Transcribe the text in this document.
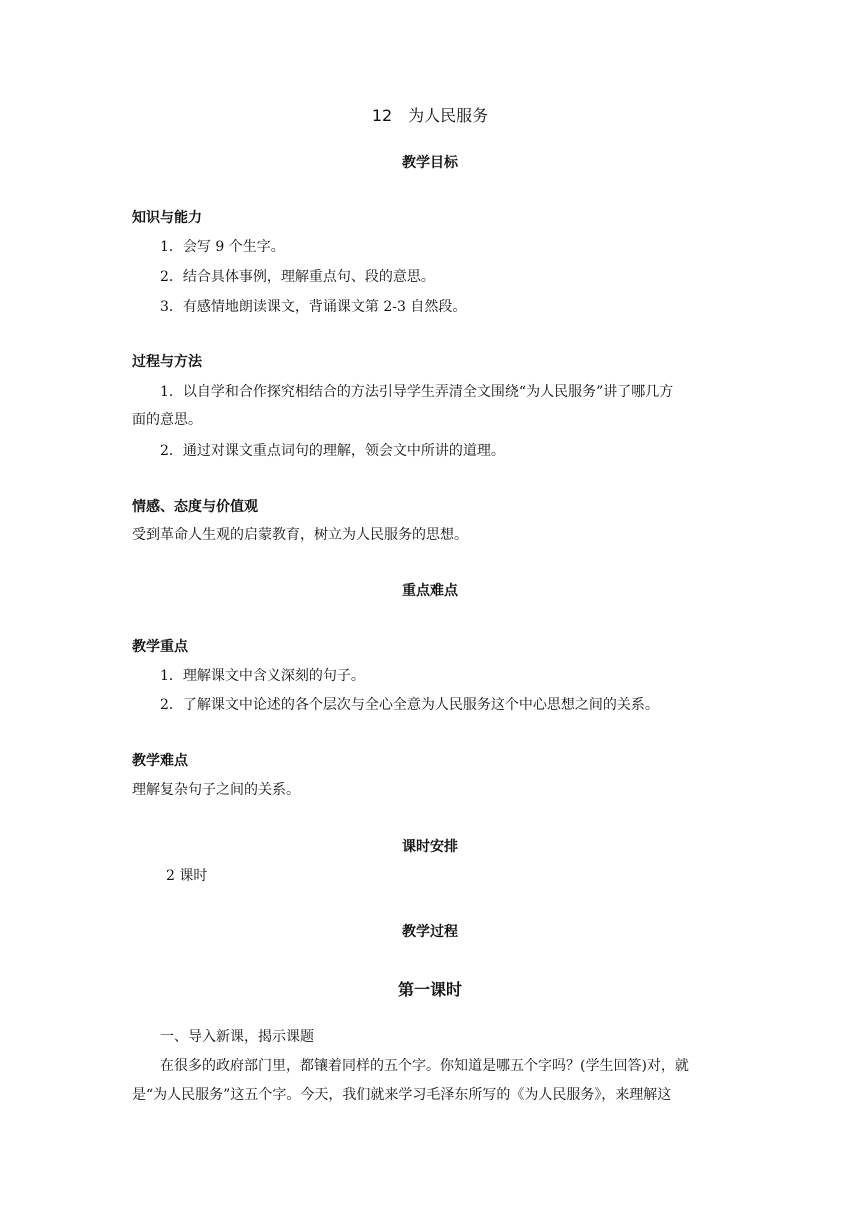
12　为人民服务
教学目标
知识与能力
1．会写 9 个生字。
2．结合具体事例，理解重点句、段的意思。
3．有感情地朗读课文，背诵课文第 2-3 自然段。
过程与方法
1．以自学和合作探究相结合的方法引导学生弄清全文围绕“为人民服务”讲了哪几方
面的意思。
2．通过对课文重点词句的理解，领会文中所讲的道理。
情感、态度与价值观
受到革命人生观的启蒙教育，树立为人民服务的思想。
重点难点
教学重点
1．理解课文中含义深刻的句子。
2．了解课文中论述的各个层次与全心全意为人民服务这个中心思想之间的关系。
教学难点
理解复杂句子之间的关系。
课时安排
2 课时
教学过程
第一课时
一、导入新课，揭示课题
在很多的政府部门里，都镶着同样的五个字。你知道是哪五个字吗？(学生回答)对，就
是“为人民服务”这五个字。今天，我们就来学习毛泽东所写的《为人民服务》，来理解这
